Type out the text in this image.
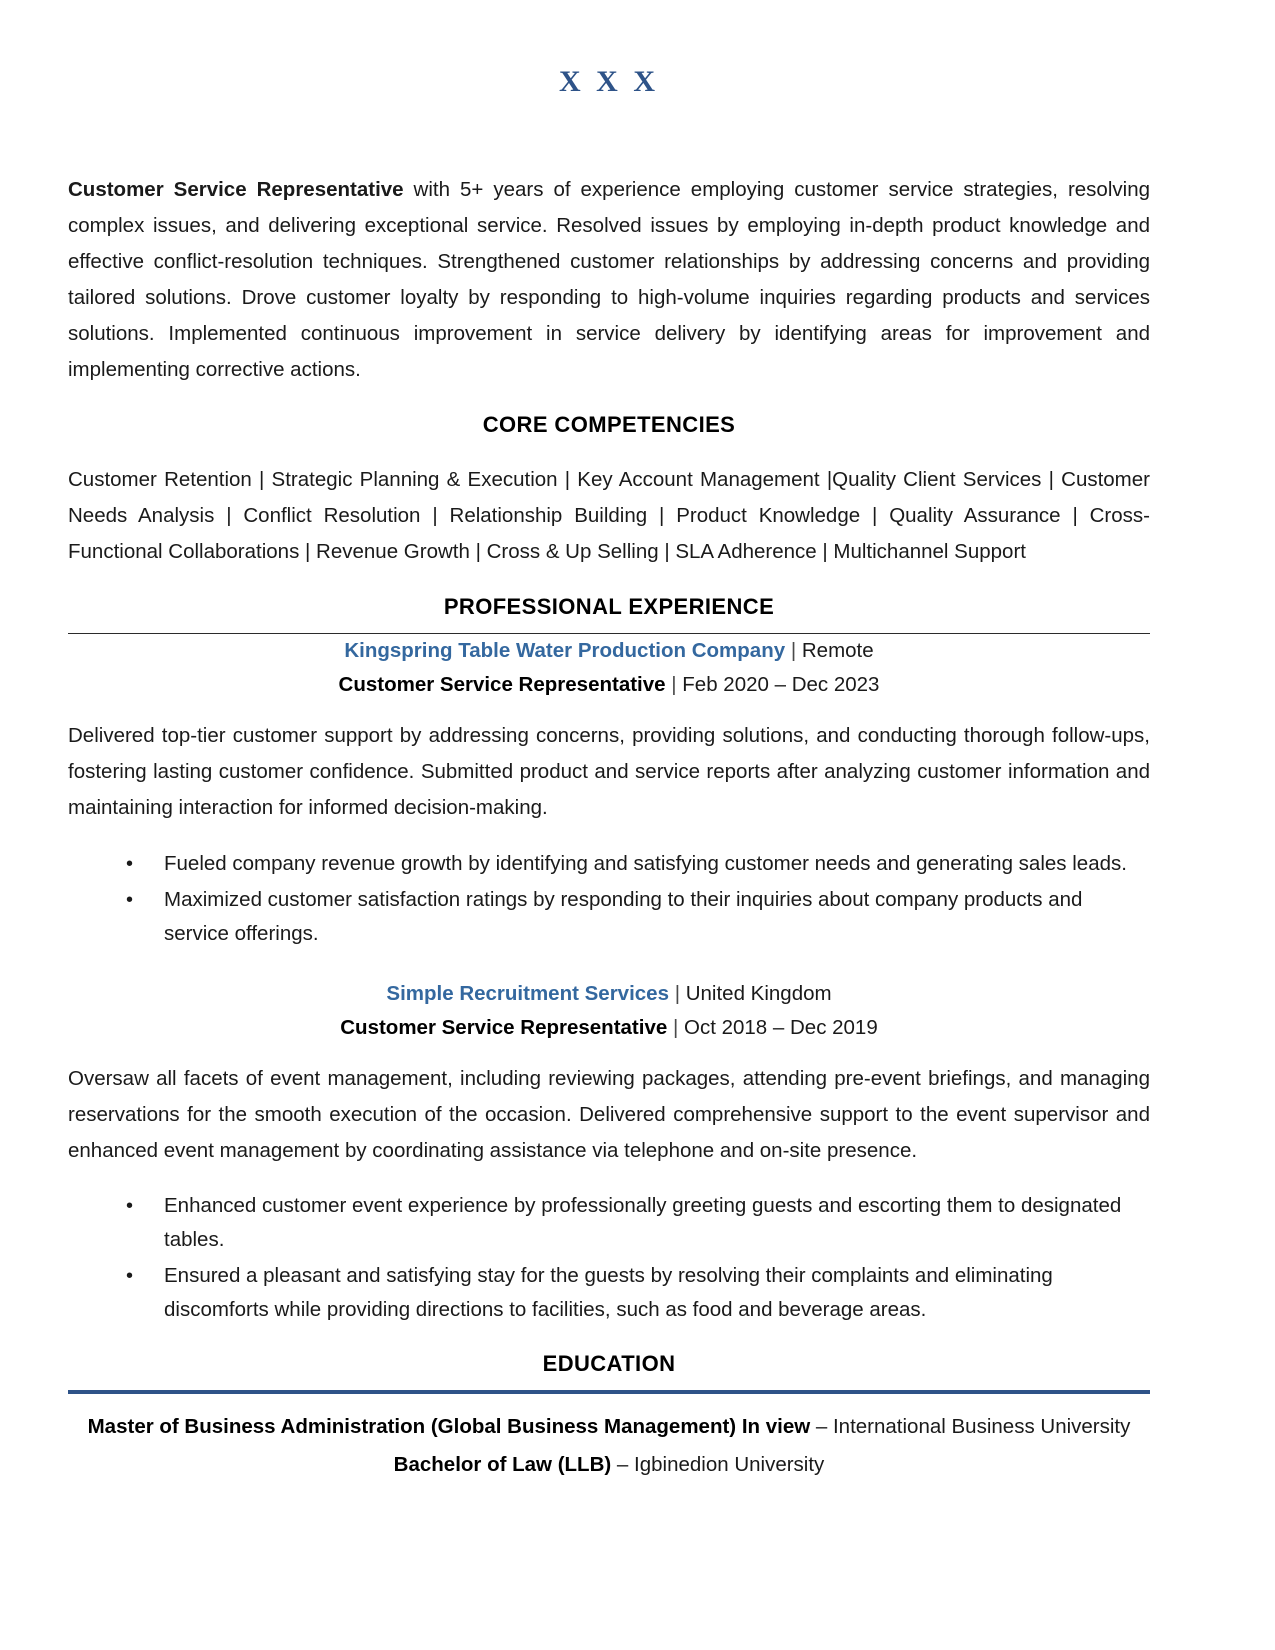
X X X

Customer Service Representative with 5+ years of experience employing customer service strategies, resolving complex issues, and delivering exceptional service. Resolved issues by employing in-depth product knowledge and effective conflict-resolution techniques. Strengthened customer relationships by addressing concerns and providing tailored solutions. Drove customer loyalty by responding to high-volume inquiries regarding products and services solutions. Implemented continuous improvement in service delivery by identifying areas for improvement and implementing corrective actions.

CORE COMPETENCIES

Customer Retention | Strategic Planning & Execution | Key Account Management |Quality Client Services | Customer Needs Analysis | Conflict Resolution | Relationship Building | Product Knowledge | Quality Assurance | Cross-Functional Collaborations | Revenue Growth | Cross & Up Selling | SLA Adherence | Multichannel Support

PROFESSIONAL EXPERIENCE
Kingspring Table Water Production Company | Remote
Customer Service Representative | Feb 2020 – Dec 2023

Delivered top-tier customer support by addressing concerns, providing solutions, and conducting thorough follow-ups, fostering lasting customer confidence. Submitted product and service reports after analyzing customer information and maintaining interaction for informed decision-making.

• Fueled company revenue growth by identifying and satisfying customer needs and generating sales leads.
• Maximized customer satisfaction ratings by responding to their inquiries about company products and service offerings.
Simple Recruitment Services | United Kingdom
Customer Service Representative | Oct 2018 – Dec 2019

Oversaw all facets of event management, including reviewing packages, attending pre-event briefings, and managing reservations for the smooth execution of the occasion. Delivered comprehensive support to the event supervisor and enhanced event management by coordinating assistance via telephone and on-site presence.

• Enhanced customer event experience by professionally greeting guests and escorting them to designated tables.
• Ensured a pleasant and satisfying stay for the guests by resolving their complaints and eliminating discomforts while providing directions to facilities, such as food and beverage areas.
EDUCATION
Master of Business Administration (Global Business Management) In view – International Business University
Bachelor of Law (LLB) – Igbinedion University
